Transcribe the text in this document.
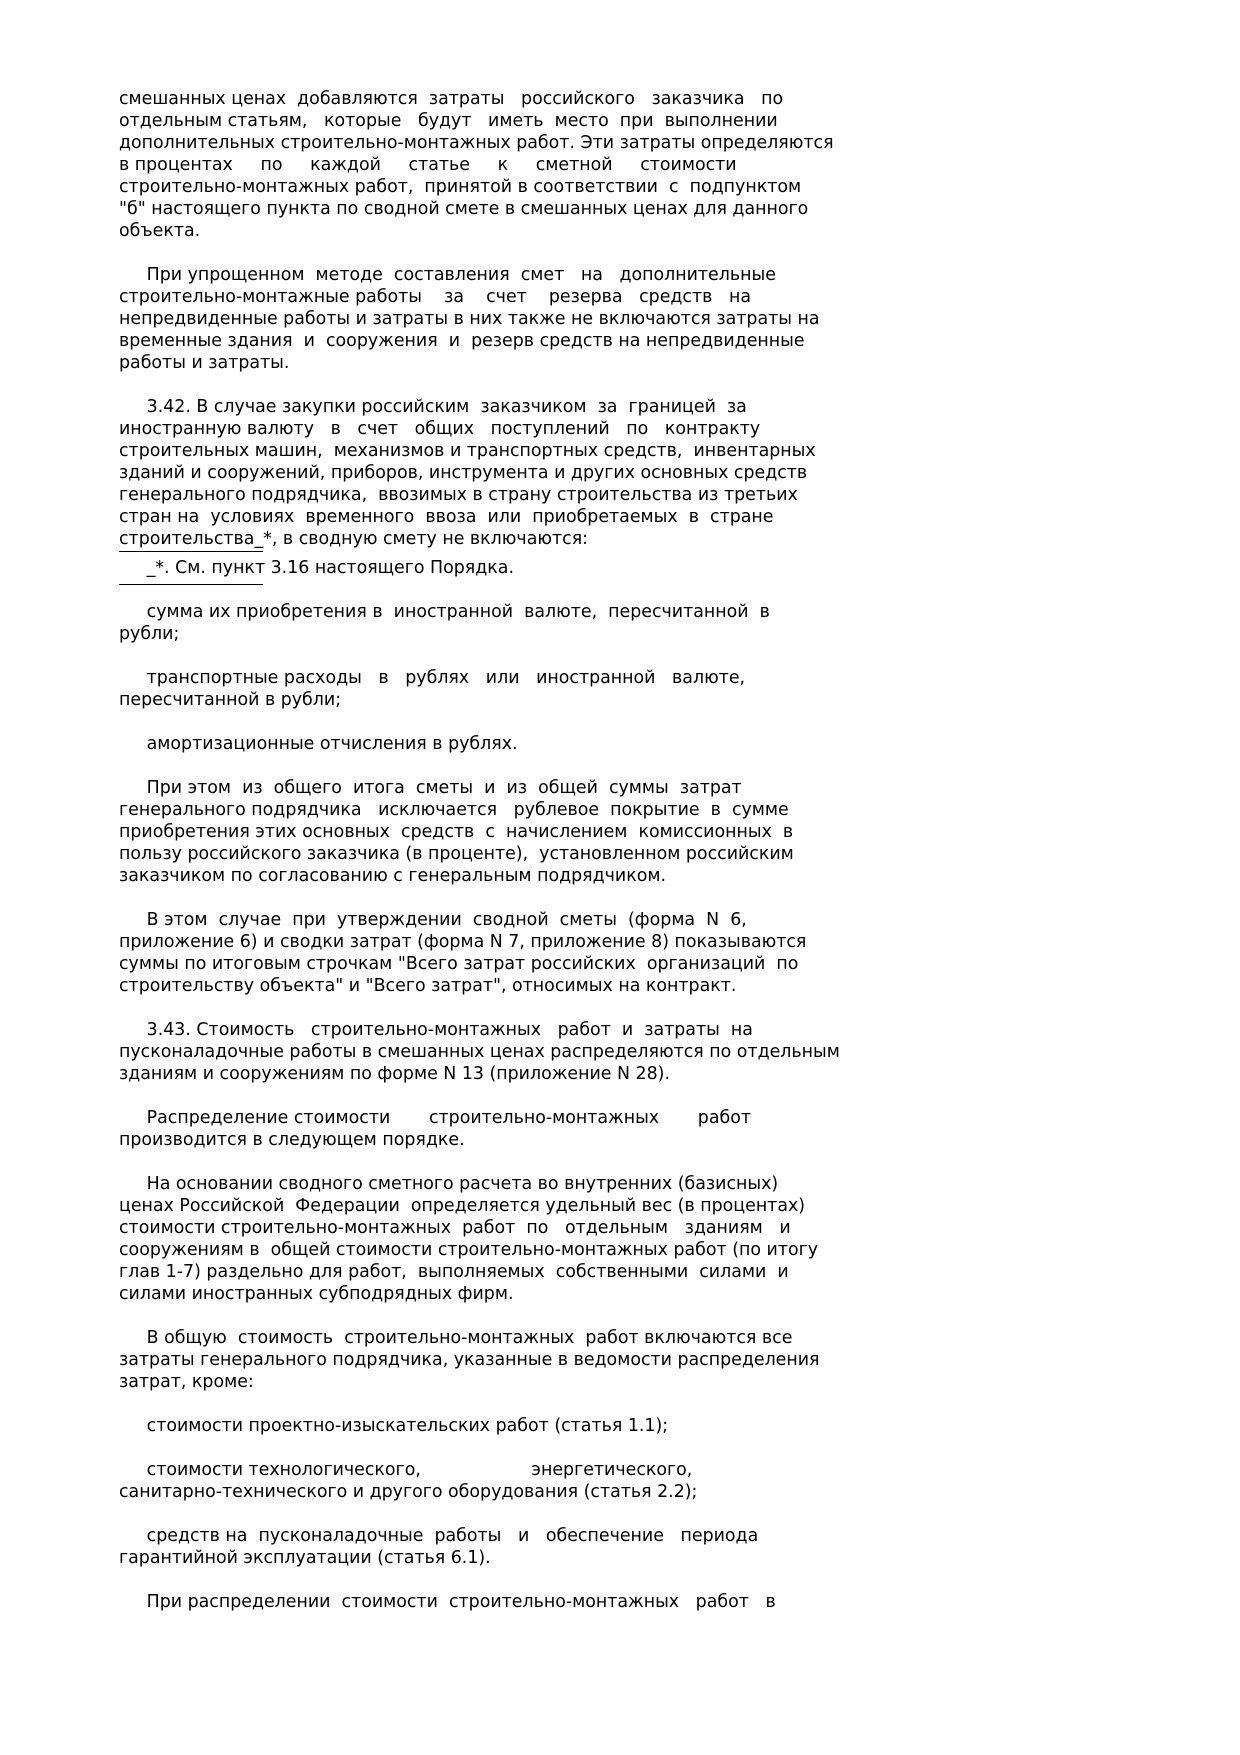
смешанных ценах  добавляются  затраты   российского   заказчика   по
отдельным статьям,   которые   будут   иметь  место  при  выполнении
дополнительных строительно-монтажных работ. Эти затраты определяются
в процентах     по     каждой     статье     к     сметной     стоимости
строительно-монтажных работ,  принятой в соответствии  с  подпунктом
"б" настоящего пункта по сводной смете в смешанных ценах для данного
объекта.
При упрощенном  методе  составления  смет   на   дополнительные
строительно-монтажные работы    за    счет    резерва   средств   на
непредвиденные работы и затраты в них также не включаются затраты на
временные здания  и  сооружения  и  резерв средств на непредвиденные
работы и затраты.
3.42. В случае закупки российским  заказчиком  за  границей  за
иностранную валюту   в   счет   общих   поступлений   по   контракту
строительных машин,  механизмов и транспортных средств,  инвентарных
зданий и сооружений, приборов, инструмента и других основных средств
генерального подрядчика,  ввозимых в страну строительства из третьих
стран на  условиях  временного  ввоза  или  приобретаемых  в  стране
строительства_*, в сводную смету не включаются:
_*. См. пункт 3.16 настоящего Порядка.
сумма их приобретения в  иностранной  валюте,  пересчитанной  в
рубли;
транспортные расходы   в   рублях   или   иностранной   валюте,
пересчитанной в рубли;
амортизационные отчисления в рублях.
При этом  из  общего  итога  сметы  и  из  общей  суммы  затрат
генерального подрядчика   исключается   рублевое  покрытие  в  сумме
приобретения этих основных  средств  с  начислением  комиссионных  в
пользу российского заказчика (в проценте),  установленном российским
заказчиком по согласованию с генеральным подрядчиком.
В этом  случае  при  утверждении  сводной  сметы  (форма  N  6,
приложение 6) и сводки затрат (форма N 7, приложение 8) показываются
суммы по итоговым строчкам "Всего затрат российских  организаций  по
строительству объекта" и "Всего затрат", относимых на контракт.
3.43. Стоимость   строительно-монтажных   работ  и  затраты  на
пусконаладочные работы в смешанных ценах распределяются по отдельным
зданиям и сооружениям по форме N 13 (приложение N 28).
Распределение стоимости       строительно-монтажных       работ
производится в следующем порядке.
На основании сводного сметного расчета во внутренних (базисных)
ценах Российской  Федерации  определяется удельный вес (в процентах)
стоимости строительно-монтажных  работ  по   отдельным   зданиям   и
сооружениям в  общей стоимости строительно-монтажных работ (по итогу
глав 1-7) раздельно для работ,  выполняемых  собственными  силами  и
силами иностранных субподрядных фирм.
В общую  стоимость  строительно-монтажных  работ включаются все
затраты генерального подрядчика, указанные в ведомости распределения
затрат, кроме:
стоимости проектно-изыскательских работ (статья 1.1);
стоимости технологического,                    энергетического,
санитарно-технического и другого оборудования (статья 2.2);
средств на  пусконаладочные  работы   и   обеспечение   периода
гарантийной эксплуатации (статья 6.1).
При распределении  стоимости  строительно-монтажных   работ   в
